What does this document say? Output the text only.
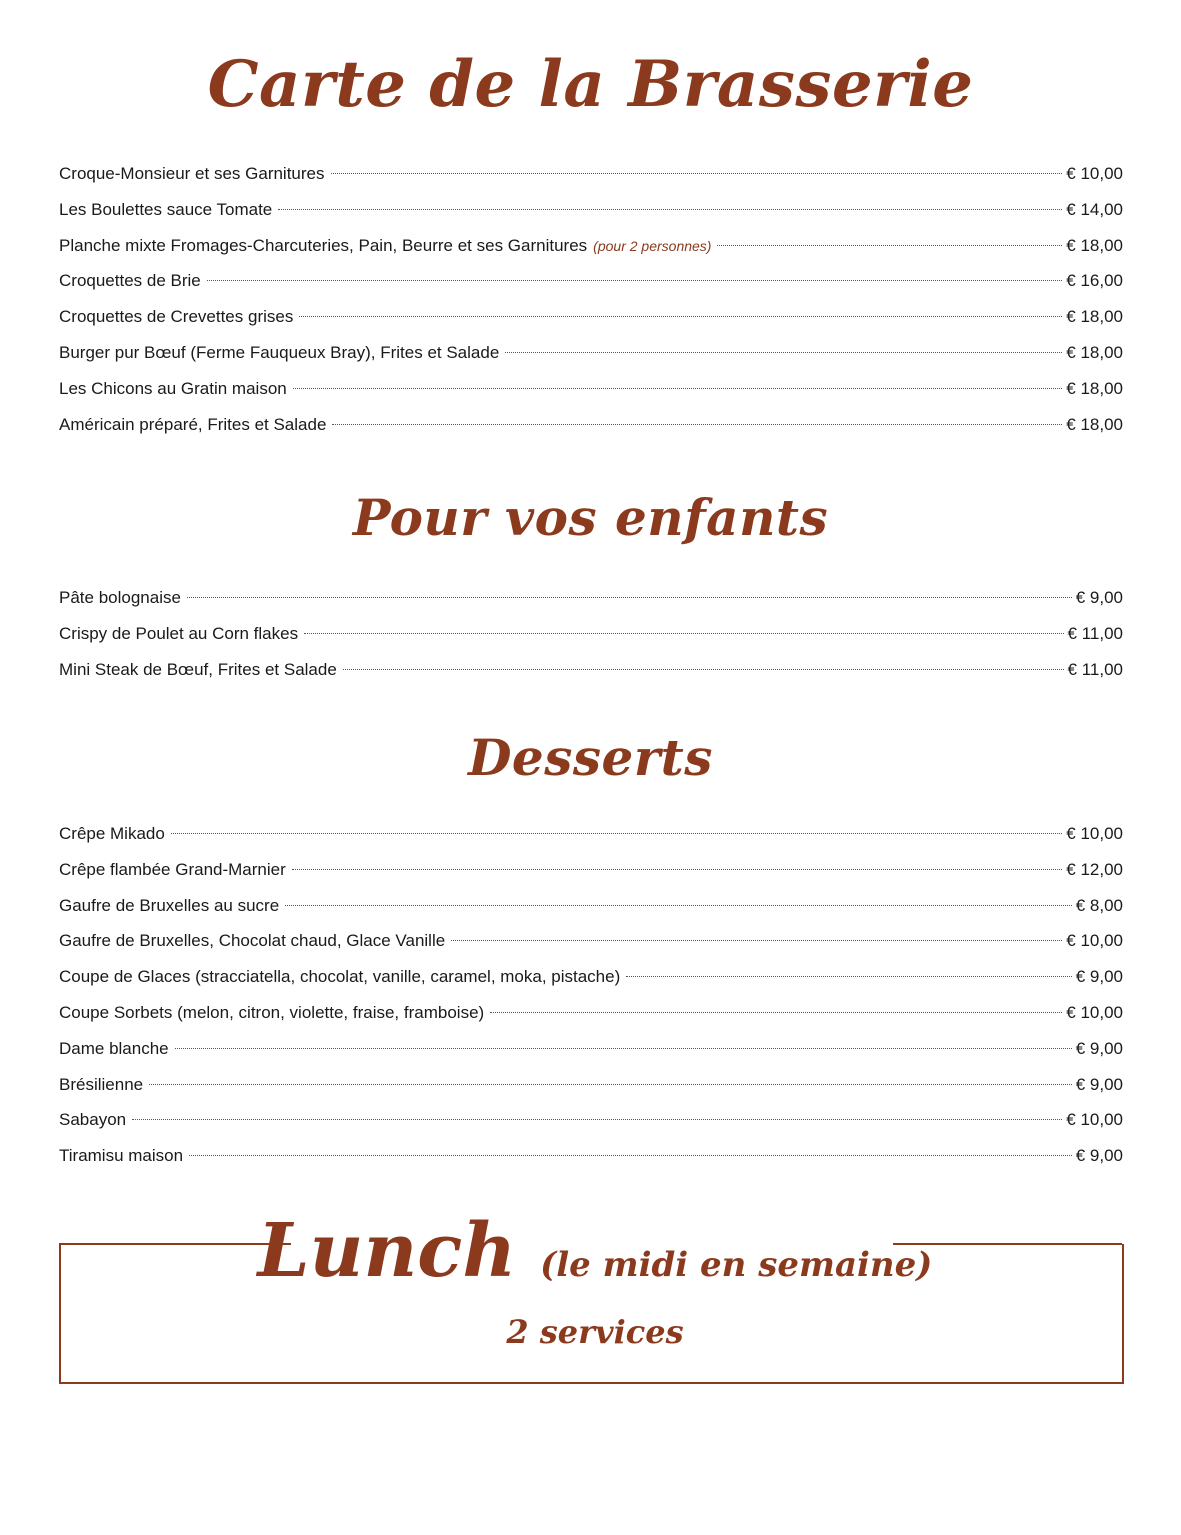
Carte de la Brasserie
Croque-Monsieur et ses Garnitures	€ 10,00
Les Boulettes sauce Tomate	€ 14,00
Planche mixte Fromages-Charcuteries, Pain, Beurre et ses Garnitures (pour 2 personnes)	€ 18,00
Croquettes de Brie	€ 16,00
Croquettes de Crevettes grises	€ 18,00
Burger pur Bœuf (Ferme Fauqueux Bray), Frites et Salade	€ 18,00
Les Chicons au Gratin maison	€ 18,00
Américain préparé, Frites et Salade	€ 18,00
Pour vos enfants
Pâte bolognaise	€ 9,00
Crispy de Poulet au Corn flakes	€ 11,00
Mini Steak de Bœuf, Frites et Salade	€ 11,00
Desserts
Crêpe Mikado	€ 10,00
Crêpe flambée Grand-Marnier	€ 12,00
Gaufre de Bruxelles au sucre	€ 8,00
Gaufre de Bruxelles, Chocolat chaud, Glace Vanille	€ 10,00
Coupe de Glaces (stracciatella, chocolat, vanille, caramel, moka, pistache)	€ 9,00
Coupe Sorbets (melon, citron, violette, fraise, framboise)	€ 10,00
Dame blanche	€ 9,00
Brésilienne	€ 9,00
Sabayon	€ 10,00
Tiramisu maison	€ 9,00
Lunch (le midi en semaine)
2 services
